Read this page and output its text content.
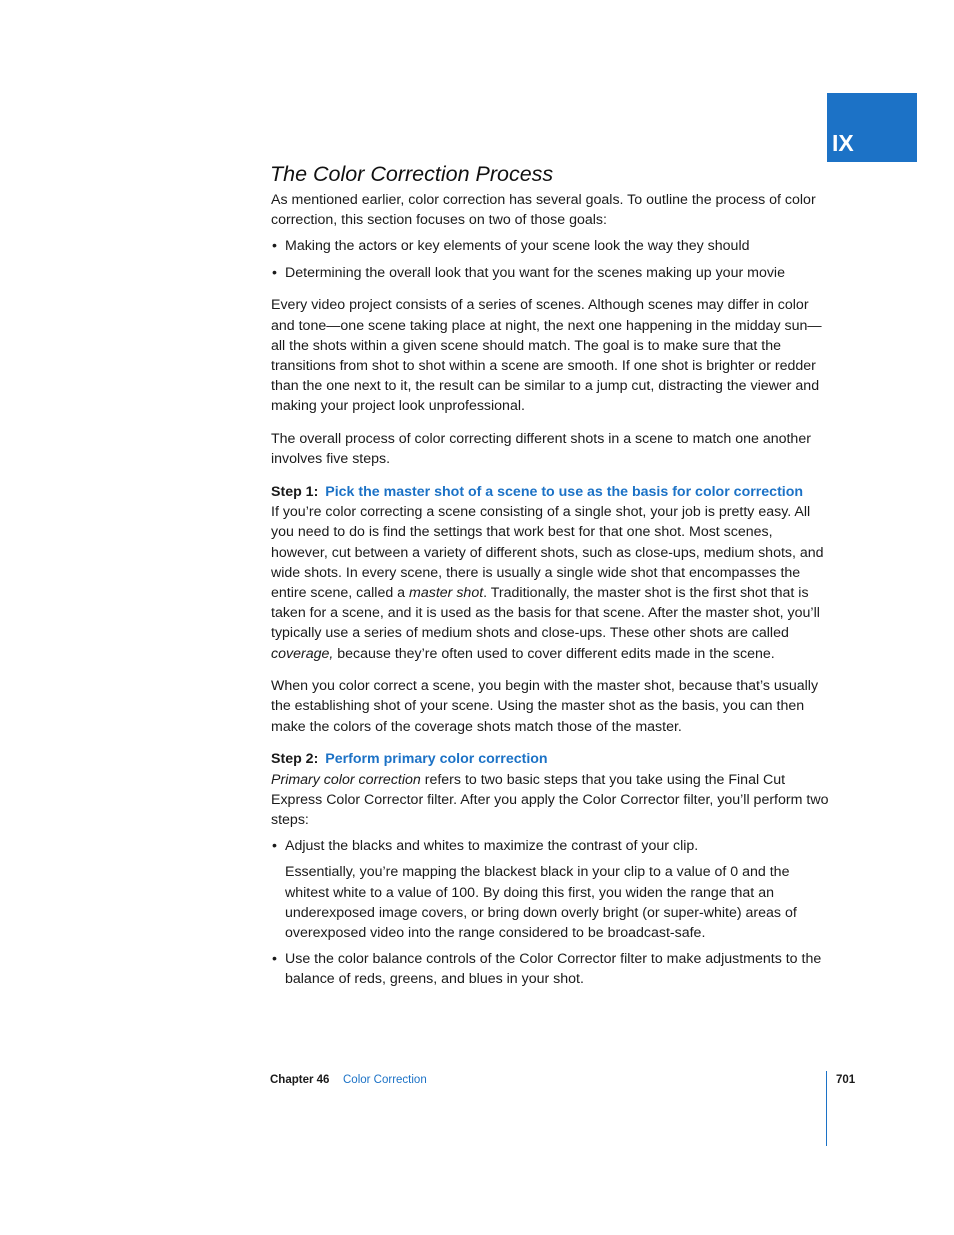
IX
The Color Correction Process

As mentioned earlier, color correction has several goals. To outline the process of color correction, this section focuses on two of those goals:

• Making the actors or key elements of your scene look the way they should

• Determining the overall look that you want for the scenes making up your movie

Every video project consists of a series of scenes. Although scenes may differ in color and tone—one scene taking place at night, the next one happening in the midday sun—all the shots within a given scene should match. The goal is to make sure that the transitions from shot to shot within a scene are smooth. If one shot is brighter or redder than the one next to it, the result can be similar to a jump cut, distracting the viewer and making your project look unprofessional.

The overall process of color correcting different shots in a scene to match one another involves five steps.

Step 1: Pick the master shot of a scene to use as the basis for color correction

If you’re color correcting a scene consisting of a single shot, your job is pretty easy. All you need to do is find the settings that work best for that one shot. Most scenes, however, cut between a variety of different shots, such as close-ups, medium shots, and wide shots. In every scene, there is usually a single wide shot that encompasses the entire scene, called a master shot. Traditionally, the master shot is the first shot that is taken for a scene, and it is used as the basis for that scene. After the master shot, you’ll typically use a series of medium shots and close-ups. These other shots are called coverage, because they’re often used to cover different edits made in the scene.

When you color correct a scene, you begin with the master shot, because that’s usually the establishing shot of your scene. Using the master shot as the basis, you can then make the colors of the coverage shots match those of the master.

Step 2: Perform primary color correction

Primary color correction refers to two basic steps that you take using the Final Cut Express Color Corrector filter. After you apply the Color Corrector filter, you’ll perform two steps:

• Adjust the blacks and whites to maximize the contrast of your clip.

Essentially, you’re mapping the blackest black in your clip to a value of 0 and the whitest white to a value of 100. By doing this first, you widen the range that an underexposed image covers, or bring down overly bright (or super-white) areas of overexposed video into the range considered to be broadcast-safe.

• Use the color balance controls of the Color Corrector filter to make adjustments to the balance of reds, greens, and blues in your shot.

Chapter 46 Color Correction	701
